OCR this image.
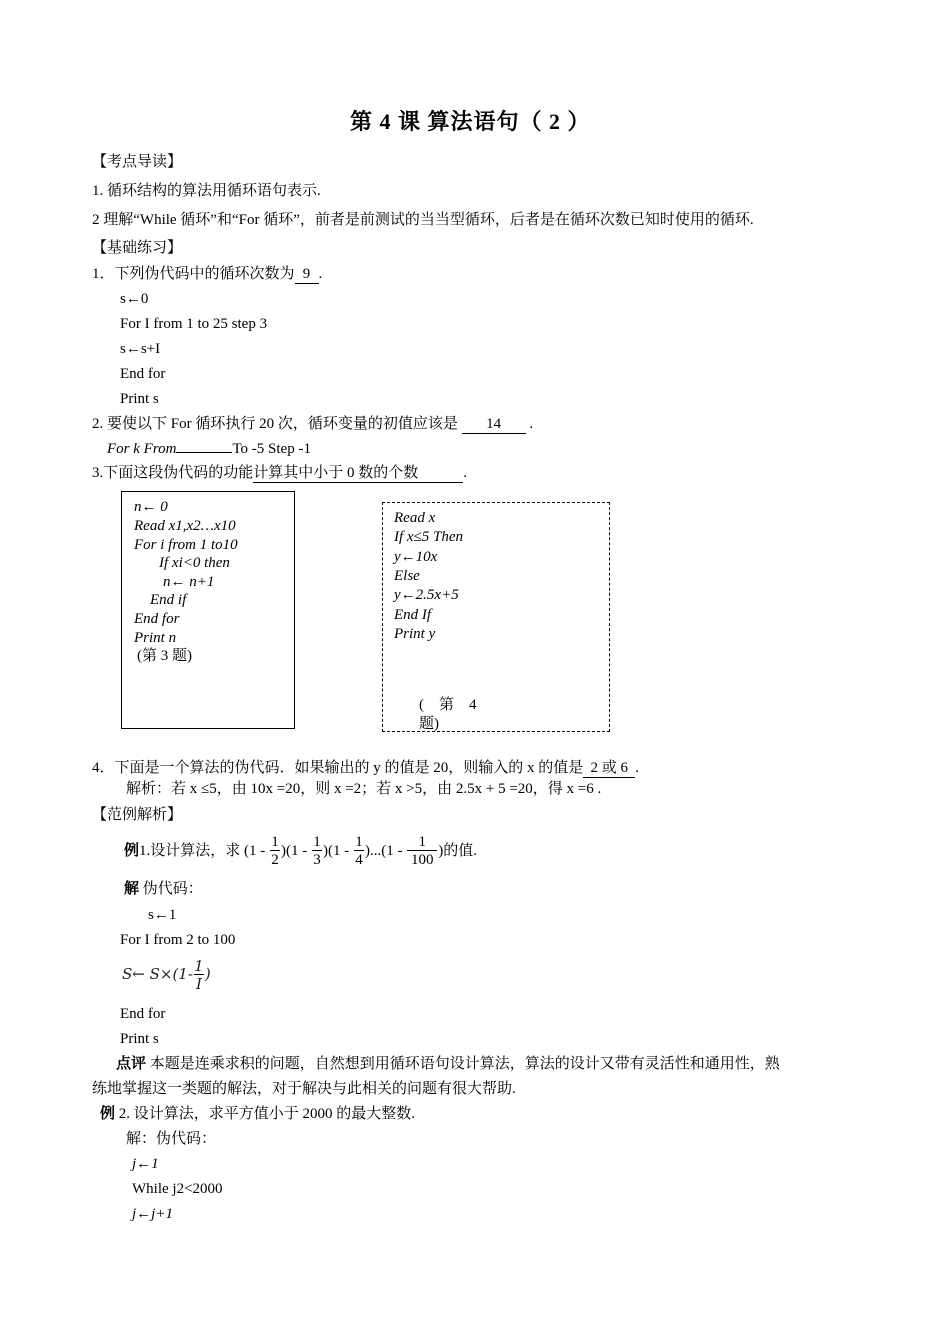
第 4 课 算法语句（ 2 ）
【考点导读】
1. 循环结构的算法用循环语句表示.
2 理解“While 循环”和“For 循环”，前者是前测试的当当型循环，后者是在循环次数已知时使用的循环.
【基础练习】
1．下列伪代码中的循环次数为 9 .
s←0
For I from 1 to 25 step 3
s←s+I
End for
Print s
2. 要使以下 For 循环执行 20 次，循环变量的初值应该是 14 .
For k From	To -5 Step -1
3.下面这段伪代码的功能计算其中小于 0 数的个数	.
n← 0
Read x1,x2…x10
For i from 1 to10
If xi<0 then
n← n+1
End if
End for
Print n
(第 3 题)
Read x
If x≤5 Then
y←10x
Else
y←2.5x+5
End If
Print y
(    第    4
题)
4．下面是一个算法的伪代码．如果输出的 y 的值是 20，则输入的 x 的值是 2 或 6 .
解析：若 x ≤5，由 10x =20，则 x =2；若 x >5，由 2.5x + 5 =20，得 x =6 .
【范例解析】
例1.设计算法，求 $(1 - \frac{1}{2} )(1 - \frac{1}{3} )(1 - \frac{1}{4} )...(1 - \frac{1}{100}$ )的值.
解 伪代码：
s←1
For I from 2 to 100
S← $S\times(1- \frac{1}{I}$ )
End for
Print s
点评 本题是连乘求积的问题，自然想到用循环语句设计算法，算法的设计又带有灵活性和通用性，熟
练地掌握这一类题的解法，对于解决与此相关的问题有很大帮助.
例 2. 设计算法，求平方值小于 2000 的最大整数.
解：伪代码：
j←1
While j2<2000
j←j+1
